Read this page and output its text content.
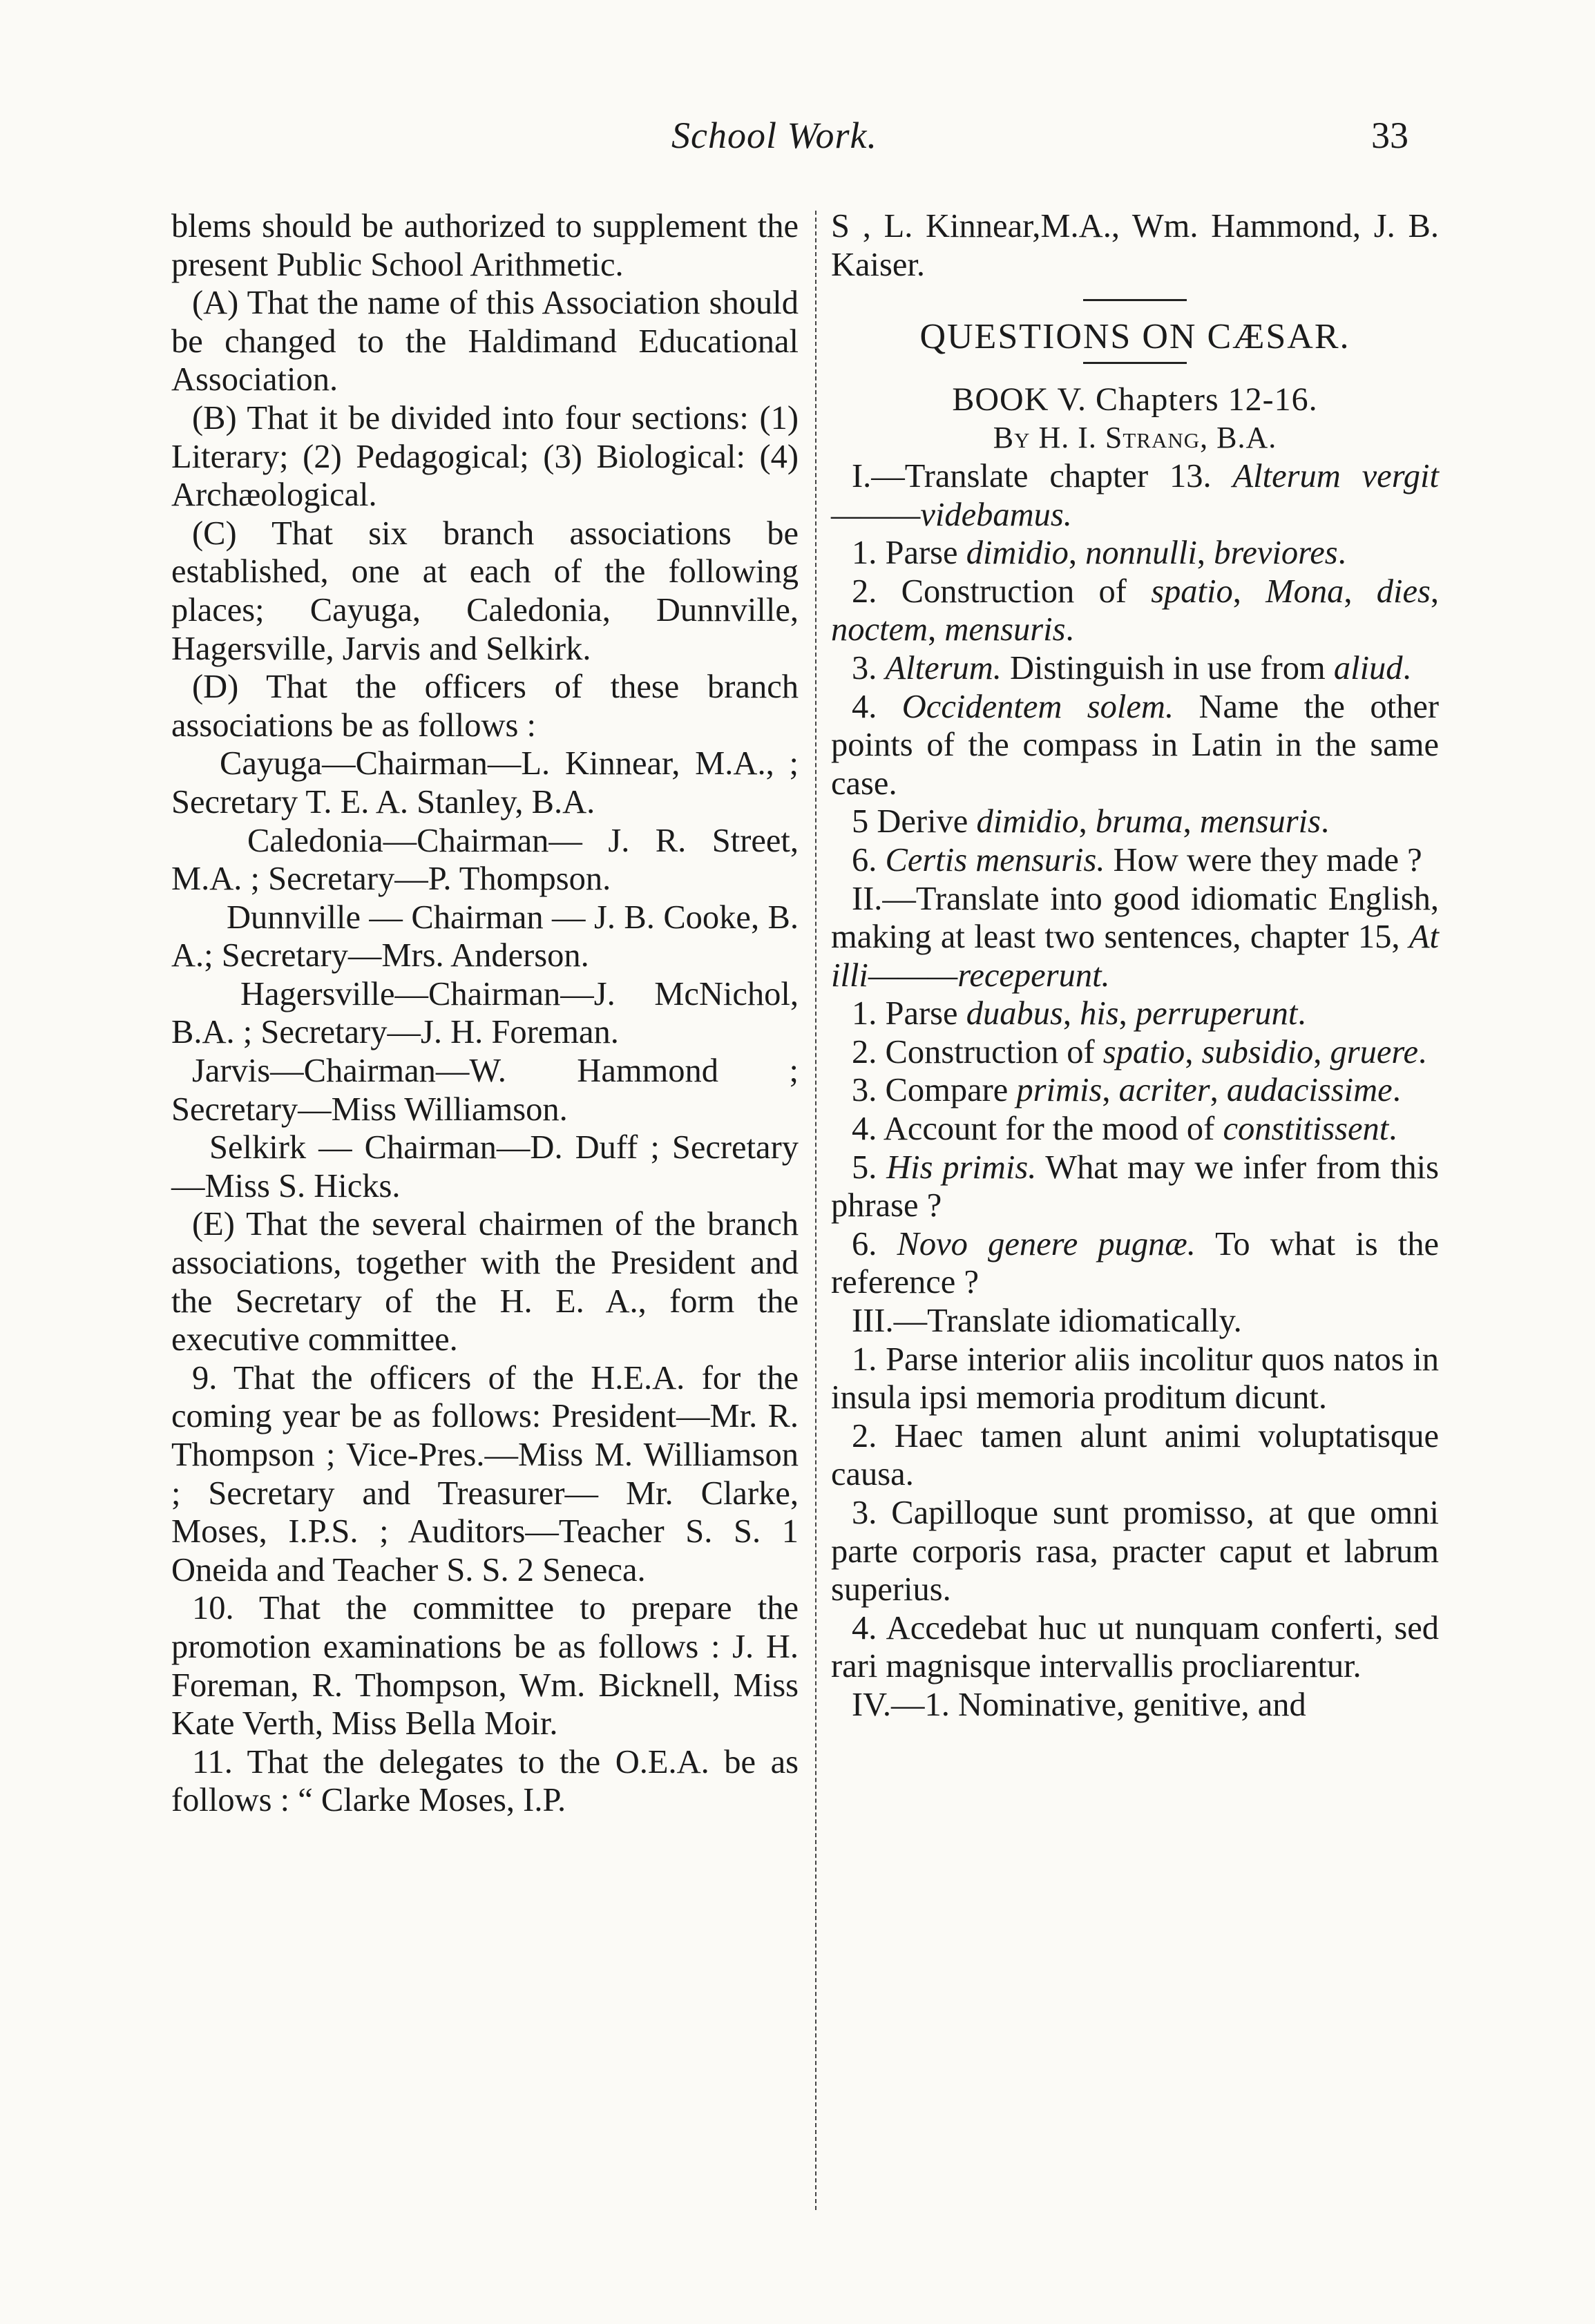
School Work.	33

blems should be authorized to supplement the present Public School Arithmetic.

(A) That the name of this Association should be changed to the Haldimand Educational Association.

(B) That it be divided into four sections: (1) Literary; (2) Pedagogical; (3) Biological: (4) Archæological.

(C) That six branch associations be established, one at each of the following places; Cayuga, Caledonia, Dunnville, Hagersville, Jarvis and Selkirk.

(D) That the officers of these branch associations be as follows :

Cayuga—Chairman—L. Kinnear, M.A., ; Secretary T. E. A. Stanley, B.A.

Caledonia—Chairman— J. R. Street, M.A. ; Secretary—P. Thompson.

Dunnville — Chairman — J. B. Cooke, B. A.; Secretary—Mrs. Anderson.

Hagersville—Chairman—J. McNichol, B.A. ; Secretary—J. H. Foreman.

Jarvis—Chairman—W. Hammond ; Secretary—Miss Williamson.

Selkirk — Chairman—D. Duff ; Secretary—Miss S. Hicks.

(E) That the several chairmen of the branch associations, together with the President and the Secretary of the H. E. A., form the executive committee.

9. That the officers of the H.E.A. for the coming year be as follows: President—Mr. R. Thompson ; Vice-Pres.—Miss M. Williamson ; Secretary and Treasurer— Mr. Clarke, Moses, I.P.S. ; Auditors—Teacher S. S. 1 Oneida and Teacher S. S. 2 Seneca.

10. That the committee to prepare the promotion examinations be as follows : J. H. Foreman, R. Thompson, Wm. Bicknell, Miss Kate Verth, Miss Bella Moir.

11. That the delegates to the O.E.A. be as follows : “ Clarke Moses, I.P.

S , L. Kinnear,M.A., Wm. Hammond, J. B. Kaiser.

QUESTIONS ON CÆSAR.

BOOK V. Chapters 12-16.

By H. I. Strang, B.A.

I.—Translate chapter 13. Alterum vergit———videbamus.

1. Parse dimidio, nonnulli, breviores.

2. Construction of spatio, Mona, dies, noctem, mensuris.

3. Alterum. Distinguish in use from aliud.

4. Occidentem solem. Name the other points of the compass in Latin in the same case.

5 Derive dimidio, bruma, mensuris.

6. Certis mensuris. How were they made ?

II.—Translate into good idiomatic English, making at least two sentences, chapter 15, At illi———receperunt.

1. Parse duabus, his, perruperunt.

2. Construction of spatio, subsidio, gruere.

3. Compare primis, acriter, audacissime.

4. Account for the mood of constitissent.

5. His primis. What may we infer from this phrase ?

6. Novo genere pugnæ. To what is the reference ?

III.—Translate idiomatically.

1. Parse interior aliis incolitur quos natos in insula ipsi memoria proditum dicunt.

2. Haec tamen alunt animi voluptatisque causa.

3. Capilloque sunt promisso, at que omni parte corporis rasa, practer caput et labrum superius.

4. Accedebat huc ut nunquam conferti, sed rari magnisque intervallis procliarentur.

IV.—1. Nominative, genitive, and
